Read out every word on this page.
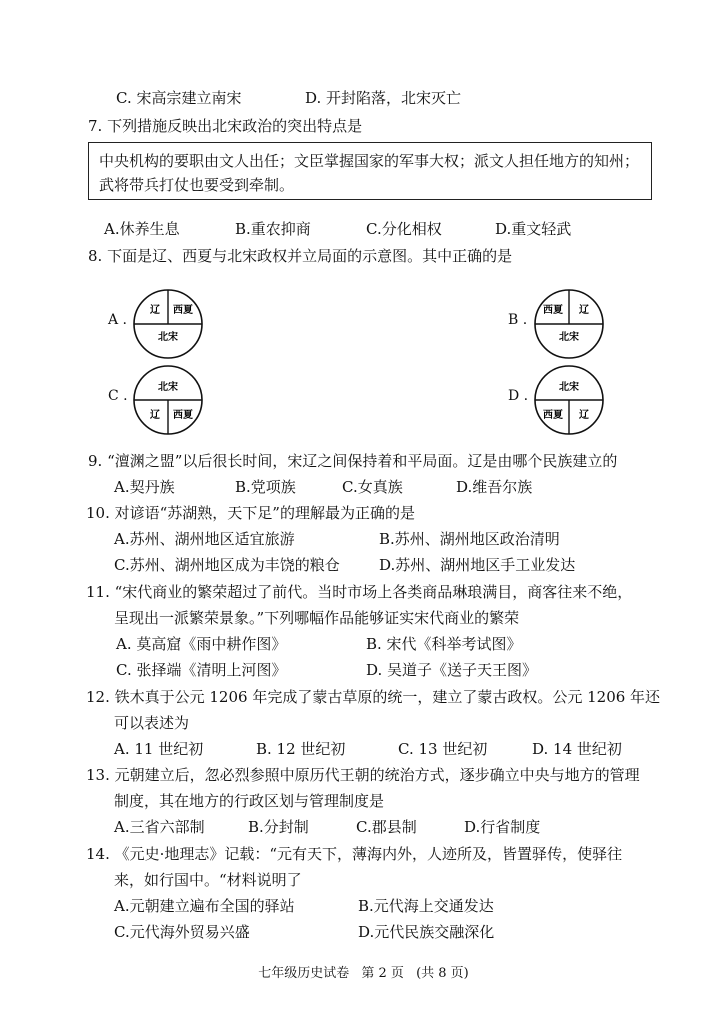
C. 宋高宗建立南宋	D. 开封陷落，北宋灭亡
7. 下列措施反映出北宋政治的突出特点是
中央机构的要职由文人出任；文臣掌握国家的军事大权；派文人担任地方的知州；
武将带兵打仗也要受到牵制。
A.休养生息	B.重农抑商	C.分化相权	D.重文轻武
8. 下面是辽、西夏与北宋政权并立局面的示意图。其中正确的是
A .
辽 西夏
北宋
B .
西夏 辽
北宋
C .
北宋
辽 西夏
D .
北宋
西夏 辽
9. “澶渊之盟”以后很长时间，宋辽之间保持着和平局面。辽是由哪个民族建立的
A.契丹族	B.党项族	C.女真族	D.维吾尔族
10. 对谚语“苏湖熟，天下足”的理解最为正确的是
A.苏州、湖州地区适宜旅游	B.苏州、湖州地区政治清明
C.苏州、湖州地区成为丰饶的粮仓	D.苏州、湖州地区手工业发达
11. “宋代商业的繁荣超过了前代。当时市场上各类商品琳琅满目，商客往来不绝，
呈现出一派繁荣景象。”下列哪幅作品能够证实宋代商业的繁荣
A. 莫高窟《雨中耕作图》	B. 宋代《科举考试图》
C. 张择端《清明上河图》	D. 吴道子《送子天王图》
12. 铁木真于公元 1206 年完成了蒙古草原的统一，建立了蒙古政权。公元 1206 年还
可以表述为
A. 11 世纪初	B. 12 世纪初	C. 13 世纪初	D. 14 世纪初
13. 元朝建立后，忽必烈参照中原历代王朝的统治方式，逐步确立中央与地方的管理
制度，其在地方的行政区划与管理制度是
A.三省六部制	B.分封制	C.郡县制	D.行省制度
14. 《元史·地理志》记载：“元有天下，薄海内外，人迹所及，皆置驿传，使驿往
来，如行国中。“材料说明了
A.元朝建立遍布全国的驿站	B.元代海上交通发达
C.元代海外贸易兴盛	D.元代民族交融深化
七年级历史试卷 第 2 页 (共 8 页)
